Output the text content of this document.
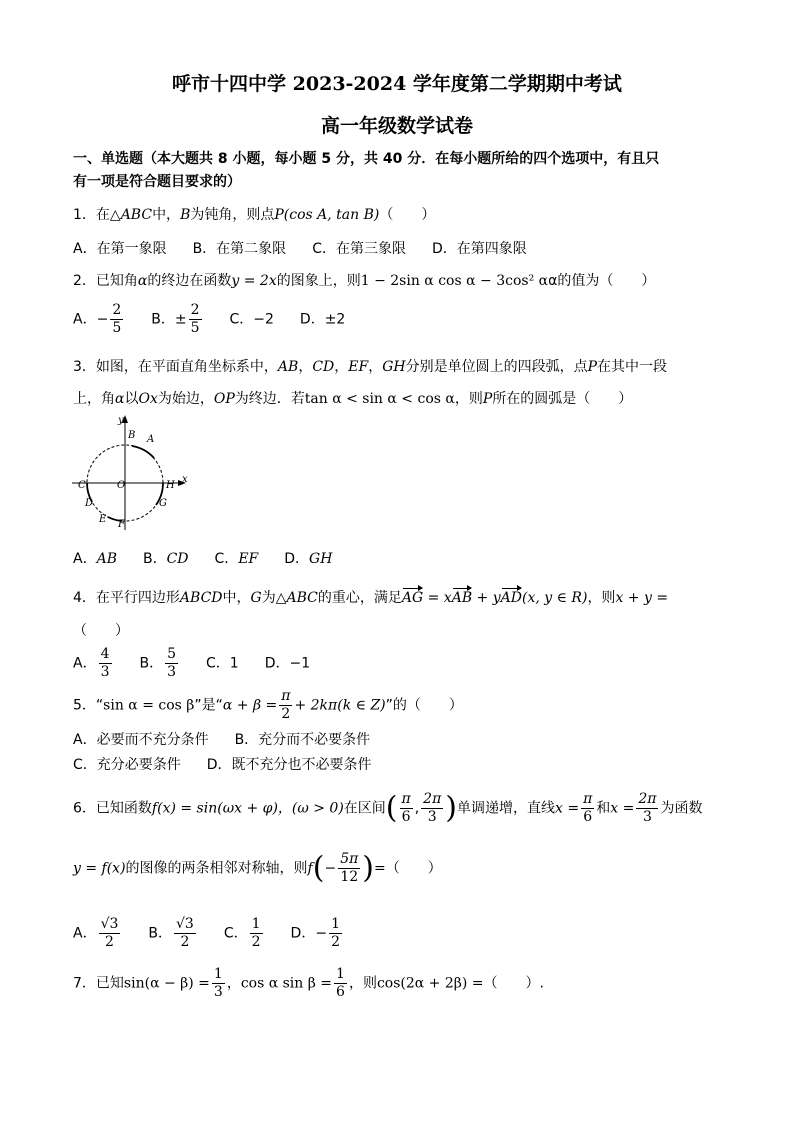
呼市十四中学 2023-2024 学年度第二学期期中考试
高一年级数学试卷
一、单选题（本大题共 8 小题，每小题 5 分，共 40 分．在每小题所给的四个选项中，有且只
有一项是符合题目要求的）
1．在△ABC中，B为钝角，则点P(cos A, tan B)（　　）
A．在第一象限 B．在第二象限 C．在第三象限 D．在第四象限
2．已知角α的终边在函数y = 2x的图象上，则1 − 2sin α cos α − 3cos² αα的值为（　　）
A．− $\frac{2}{5}$ B．± $\frac{2}{5}$ C．−2 D．±2
3．如图，在平面直角坐标系中，AB，CD，EF，GH分别是单位圆上的四段弧，点P在其中一段
上，角α以Ox为始边，OP为终边．若tan α < sin α < cos α，则P所在的圆弧是（　　）
y
x
B A
C	O	H
D	G
E F
A．AB B．CD C．EF D．GH
4．在平行四边形ABCD中，G为△ABC的重心，满足AG = xAB + yAD(x, y ∈ R)，则x + y =
（　　）
A． $\frac{4}{3}$ B． $\frac{5}{3}$ C．1 D．−1
5．“sin α = cos β”是“$\alpha + \beta = \frac{\pi}{2} + 2k\pi(k$ ∈ Z)”的（　　）
A．必要而不充分条件 B．充分而不必要条件
C．充分必要条件 D．既不充分也不必要条件
6．已知函数f(x) = sin(ωx + φ)，(ω > 0)在区间( $\frac{\pi}{6}$ , $\frac{2\pi}{3}$ )单调递增，直线$x = \frac{\pi}{6}$ 和$x = \frac{2\pi}{3}$ 为函数
y = f(x)的图像的两条相邻对称轴，则$f(- \frac{5\pi}{12}$ )=（　　）
A． $\frac{√3}{2}$ B． $\frac{√3}{2}$ C． $\frac{1}{2}$ D．− $\frac{1}{2}$
7．已知$\sin(\alpha - \beta) = \frac{1}{3}$ ，cos α $\sin \beta = \frac{1}{6}$ ，则cos(2α + 2β) =（　　）.
